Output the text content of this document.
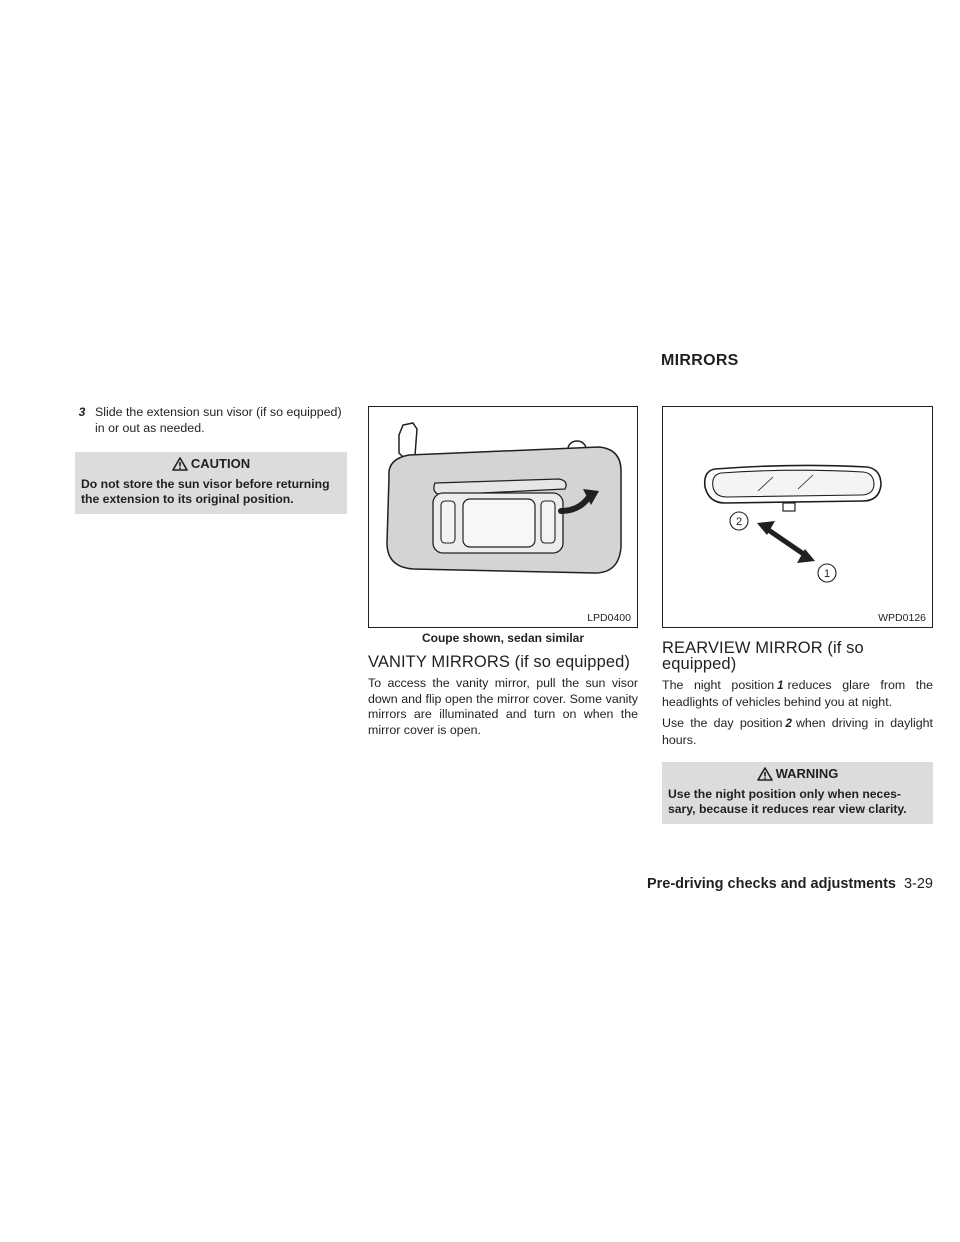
MIRRORS
3 Slide the extension sun visor (if so equipped) in or out as needed.
CAUTION
Do not store the sun visor before returning the extension to its original position.
LPD0400
Coupe shown, sedan similar
VANITY MIRRORS (if so equipped)

To access the vanity mirror, pull the sun visor down and flip open the mirror cover. Some vanity mirrors are illuminated and turn on when the mirror cover is open.

2
1
WPD0126
REARVIEW MIRROR (if so equipped)

The night position 1 reduces glare from the headlights of vehicles behind you at night.

Use the day position 2 when driving in daylight hours.

WARNING
Use the night position only when neces-sary, because it reduces rear view clarity.
Pre-driving checks and adjustments 3-29
